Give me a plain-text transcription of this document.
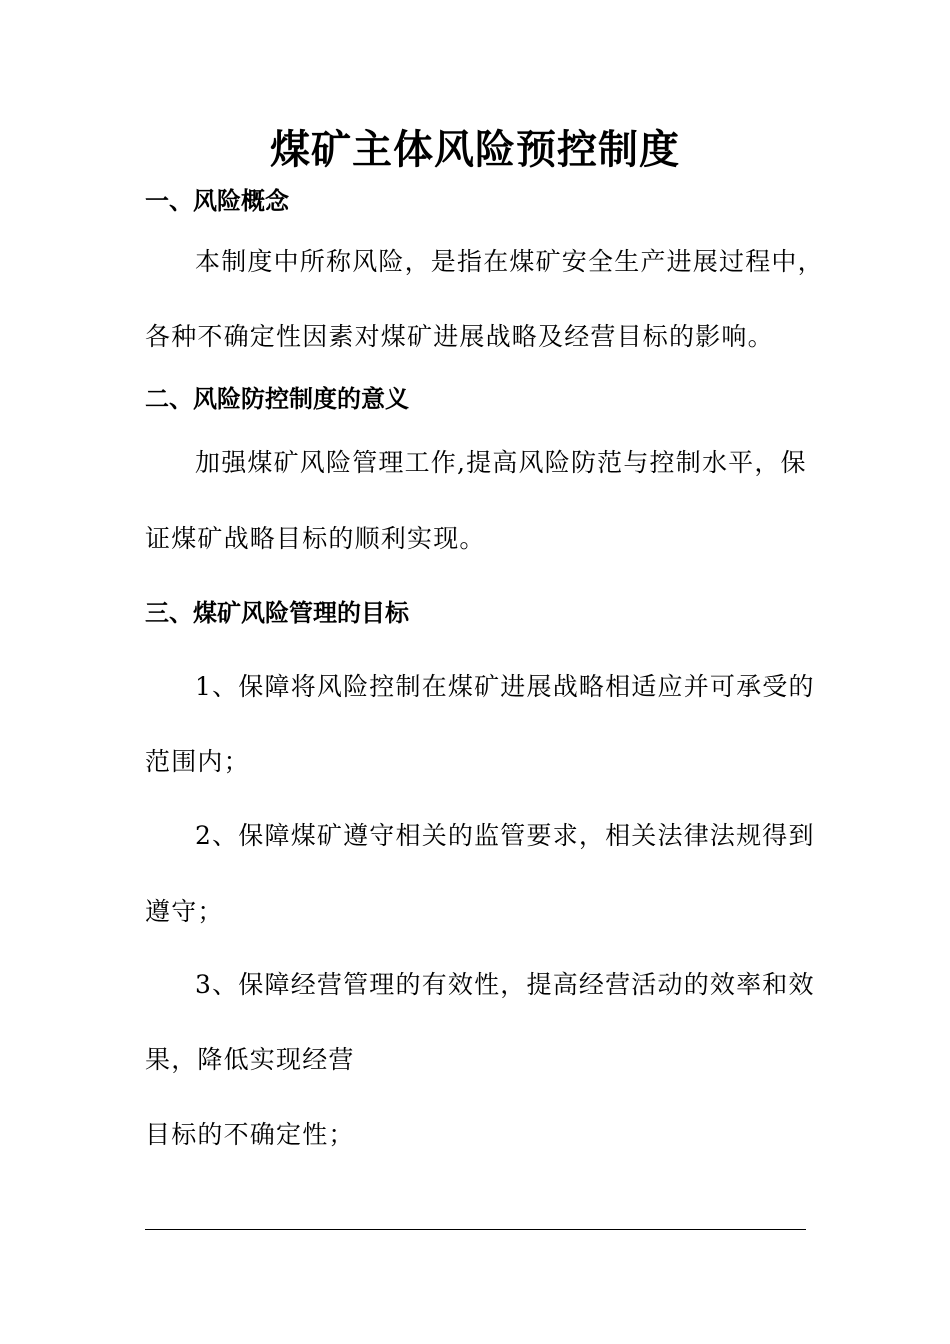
煤矿主体风险预控制度
一、风险概念
本制度中所称风险，是指在煤矿安全生产进展过程中，
各种不确定性因素对煤矿进展战略及经营目标的影响。
二、风险防控制度的意义
加强煤矿风险管理工作,提高风险防范与控制水平，保
证煤矿战略目标的顺利实现。
三、煤矿风险管理的目标
1、保障将风险控制在煤矿进展战略相适应并可承受的
范围内；
2、保障煤矿遵守相关的监管要求，相关法律法规得到
遵守；
3、保障经营管理的有效性，提高经营活动的效率和效
果，降低实现经营
目标的不确定性；
